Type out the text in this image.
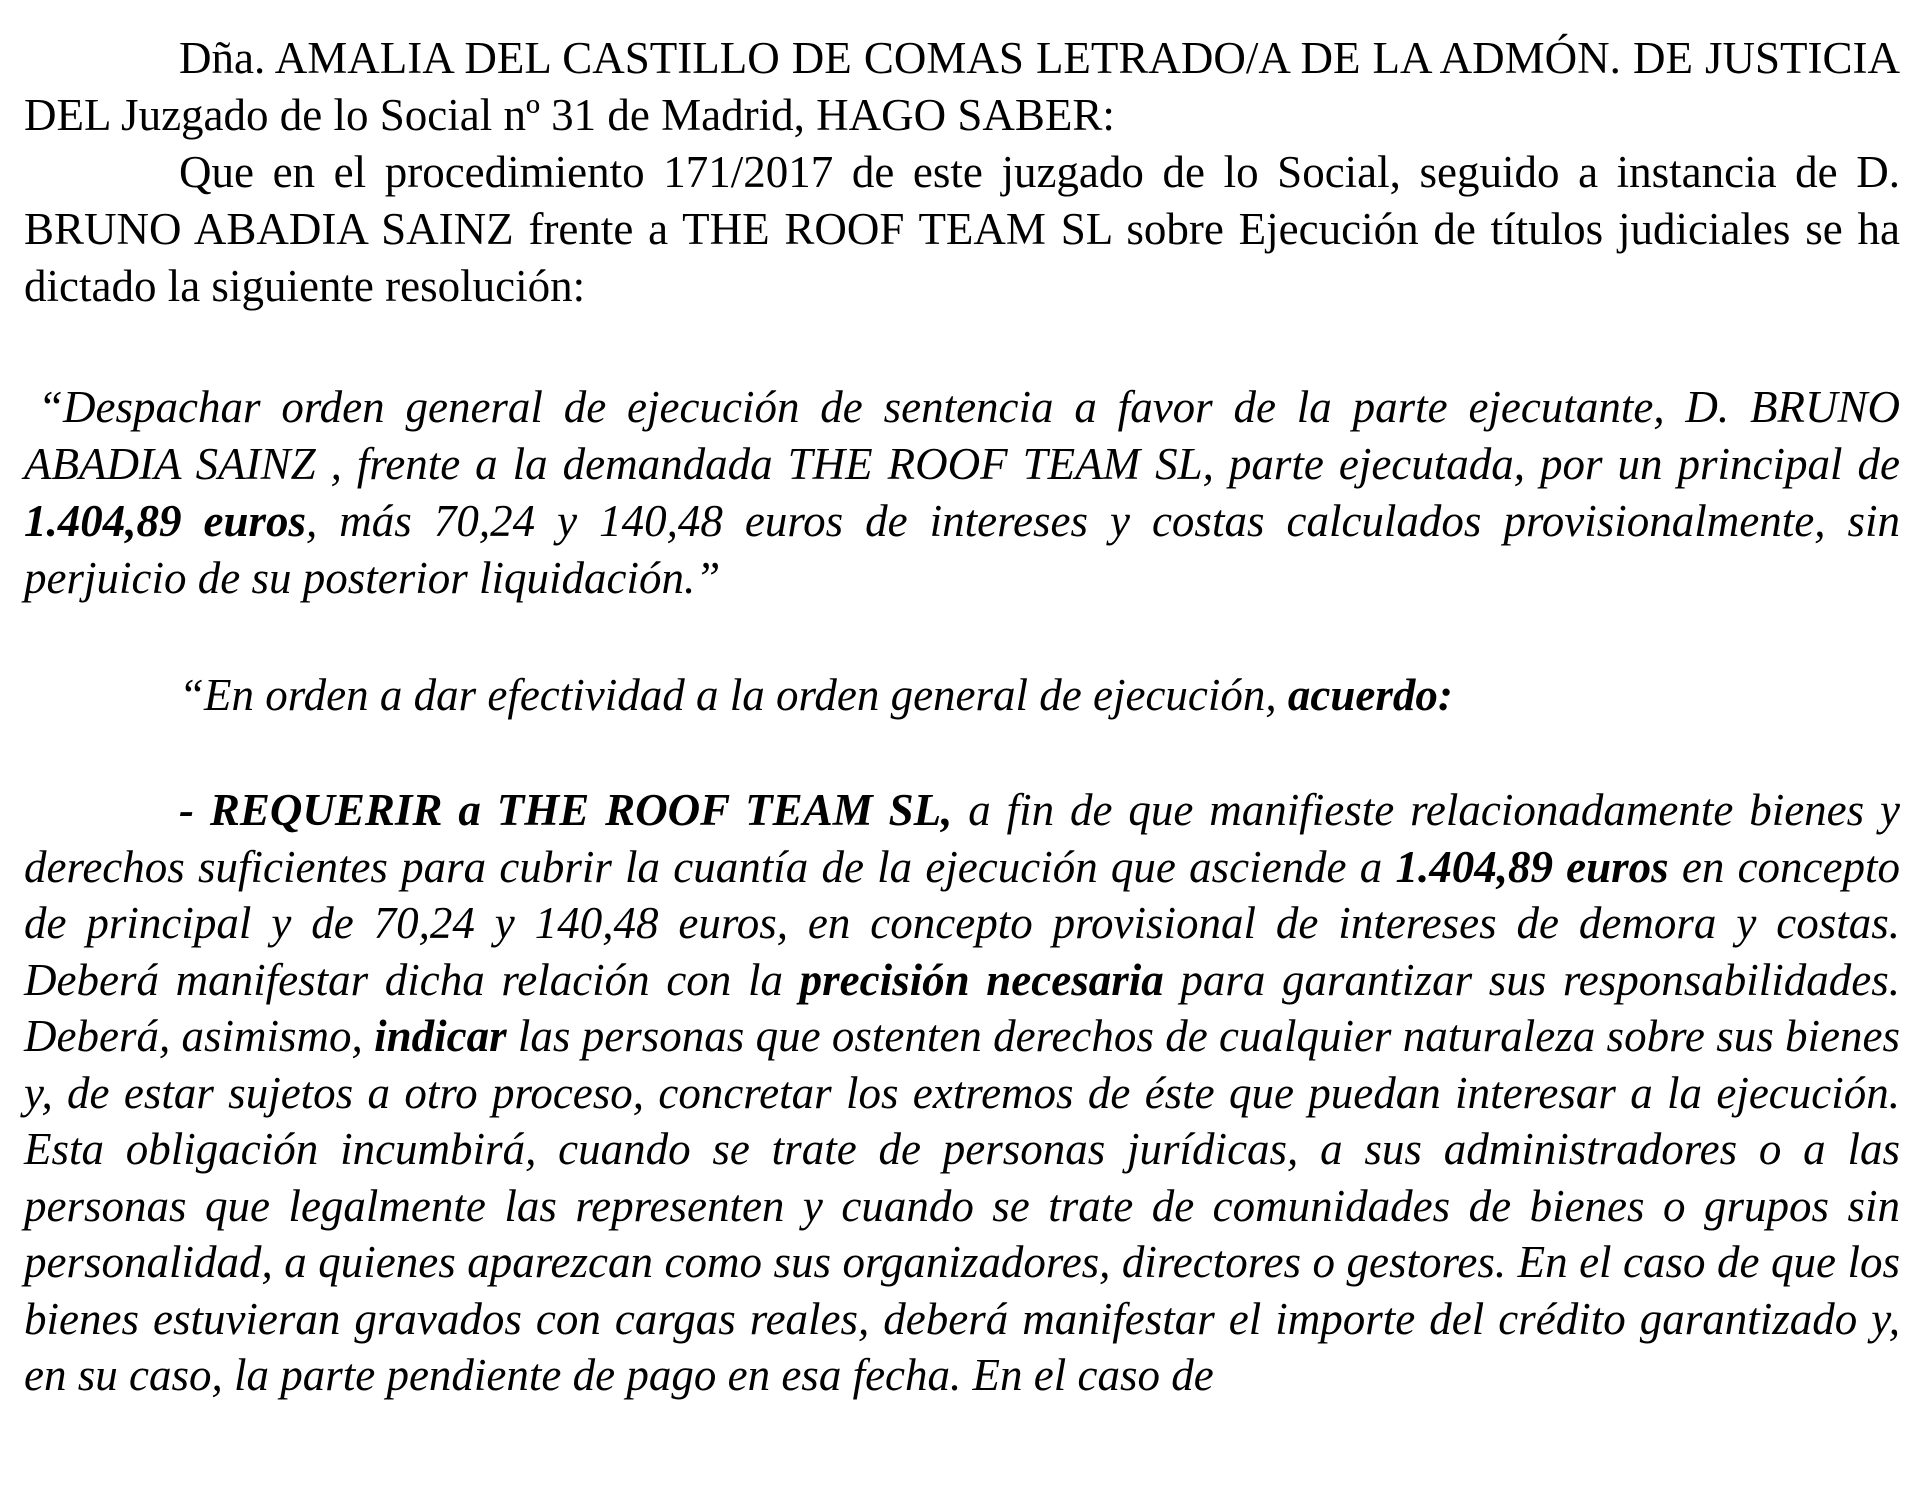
Dña. AMALIA DEL CASTILLO DE COMAS LETRADO/A DE LA ADMÓN. DE JUSTICIA DEL Juzgado de lo Social nº 31 de Madrid, HAGO SABER:

Que en el procedimiento 171/2017 de este juzgado de lo Social, seguido a instancia de D. BRUNO ABADIA SAINZ frente a THE ROOF TEAM SL sobre Ejecución de títulos judiciales se ha dictado la siguiente resolución:

“Despachar orden general de ejecución de sentencia a favor de la parte ejecutante, D. BRUNO ABADIA SAINZ , frente a la demandada THE ROOF TEAM SL, parte ejecutada, por un principal de 1.404,89 euros, más 70,24 y 140,48 euros de intereses y costas calculados provisionalmente, sin perjuicio de su posterior liquidación.”

“En orden a dar efectividad a la orden general de ejecución, acuerdo:

- REQUERIR a THE ROOF TEAM SL, a fin de que manifieste relacionadamente bienes y derechos suficientes para cubrir la cuantía de la ejecución que asciende a 1.404,89 euros en concepto de principal y de 70,24 y 140,48 euros, en concepto provisional de intereses de demora y costas. Deberá manifestar dicha relación con la precisión necesaria para garantizar sus responsabilidades. Deberá, asimismo, indicar las personas que ostenten derechos de cualquier naturaleza sobre sus bienes y, de estar sujetos a otro proceso, concretar los extremos de éste que puedan interesar a la ejecución. Esta obligación incumbirá, cuando se trate de personas jurídicas, a sus administradores o a las personas que legalmente las representen y cuando se trate de comunidades de bienes o grupos sin personalidad, a quienes aparezcan como sus organizadores, directores o gestores. En el caso de que los bienes estuvieran gravados con cargas reales, deberá manifestar el importe del crédito garantizado y, en su caso, la parte pendiente de pago en esa fecha. En el caso de
